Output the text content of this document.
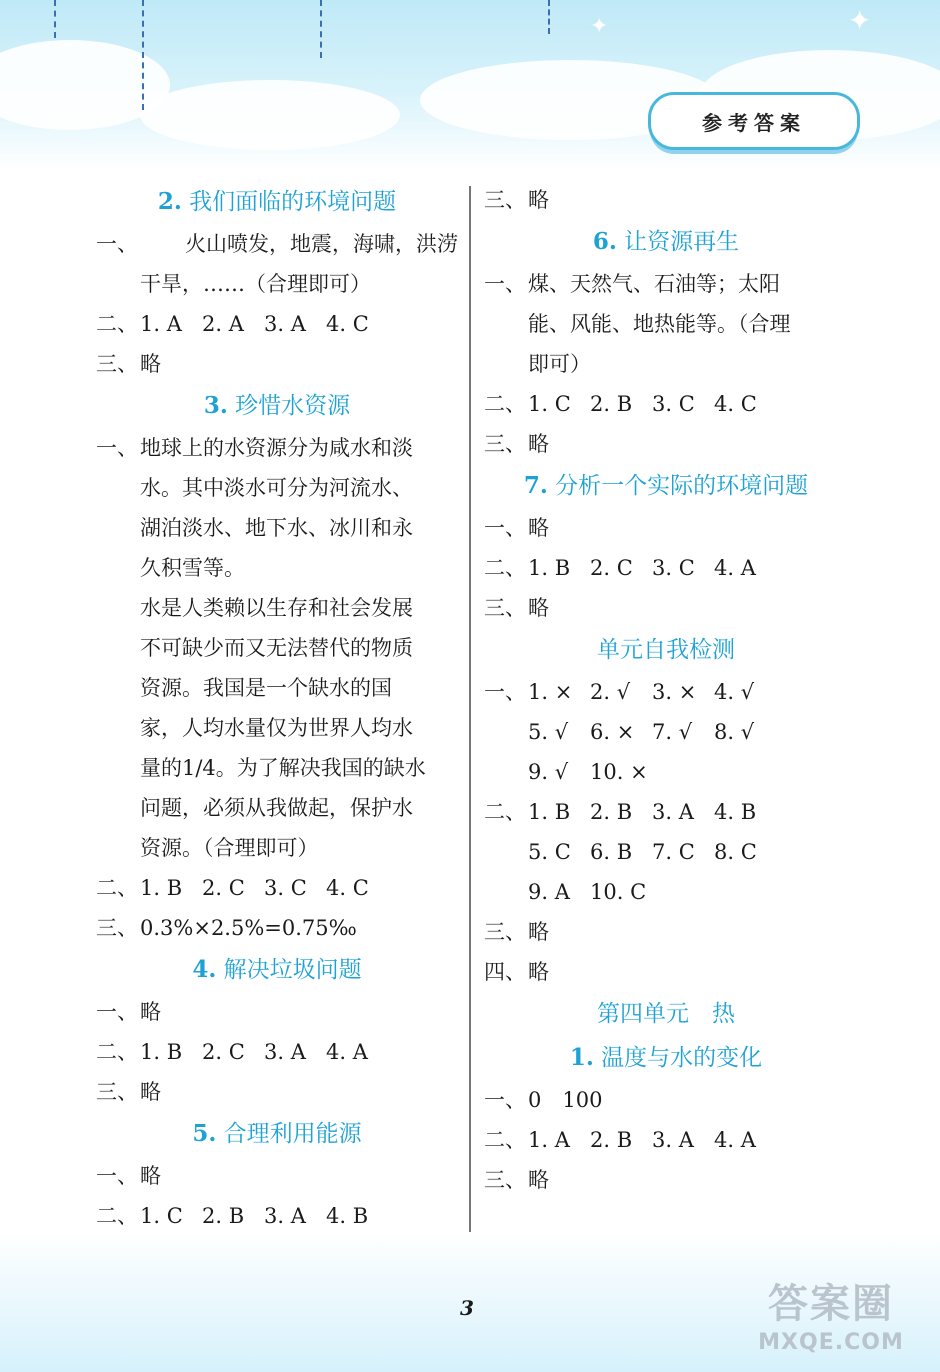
✦
✦
参考答案
2. 我们面临的环境问题
一、 火山喷发，地震，海啸，洪涝
干旱，……（合理即可）
二、1. A 2. A 3. A 4. C
三、略
3. 珍惜水资源
一、地球上的水资源分为咸水和淡
水。其中淡水可分为河流水、
湖泊淡水、地下水、冰川和永
久积雪等。
水是人类赖以生存和社会发展
不可缺少而又无法替代的物质
资源。我国是一个缺水的国
家，人均水量仅为世界人均水
量的1/4。为了解决我国的缺水
问题，必须从我做起，保护水
资源。（合理即可）
二、1. B 2. C 3. C 4. C
三、0.3%×2.5%=0.75‰
4. 解决垃圾问题
一、略
二、1. B 2. C 3. A 4. A
三、略
5. 合理利用能源
一、略
二、1. C 2. B 3. A 4. B
三、略
6. 让资源再生
一、煤、天然气、石油等；太阳
能、风能、地热能等。（合理
即可）
二、1. C 2. B 3. C 4. C
三、略
7. 分析一个实际的环境问题
一、略
二、1. B 2. C 3. C 4. A
三、略
单元自我检测
一、1. × 2. √ 3. × 4. √
5. √ 6. × 7. √ 8. √
9. √ 10. ×
二、1. B 2. B 3. A 4. B
5. C 6. B 7. C 8. C
9. A 10. C
三、略
四、略
第四单元　热
1. 温度与水的变化
一、0　100
二、1. A 2. B 3. A 4. A
三、略
3	答案圈
MXQE.COM
